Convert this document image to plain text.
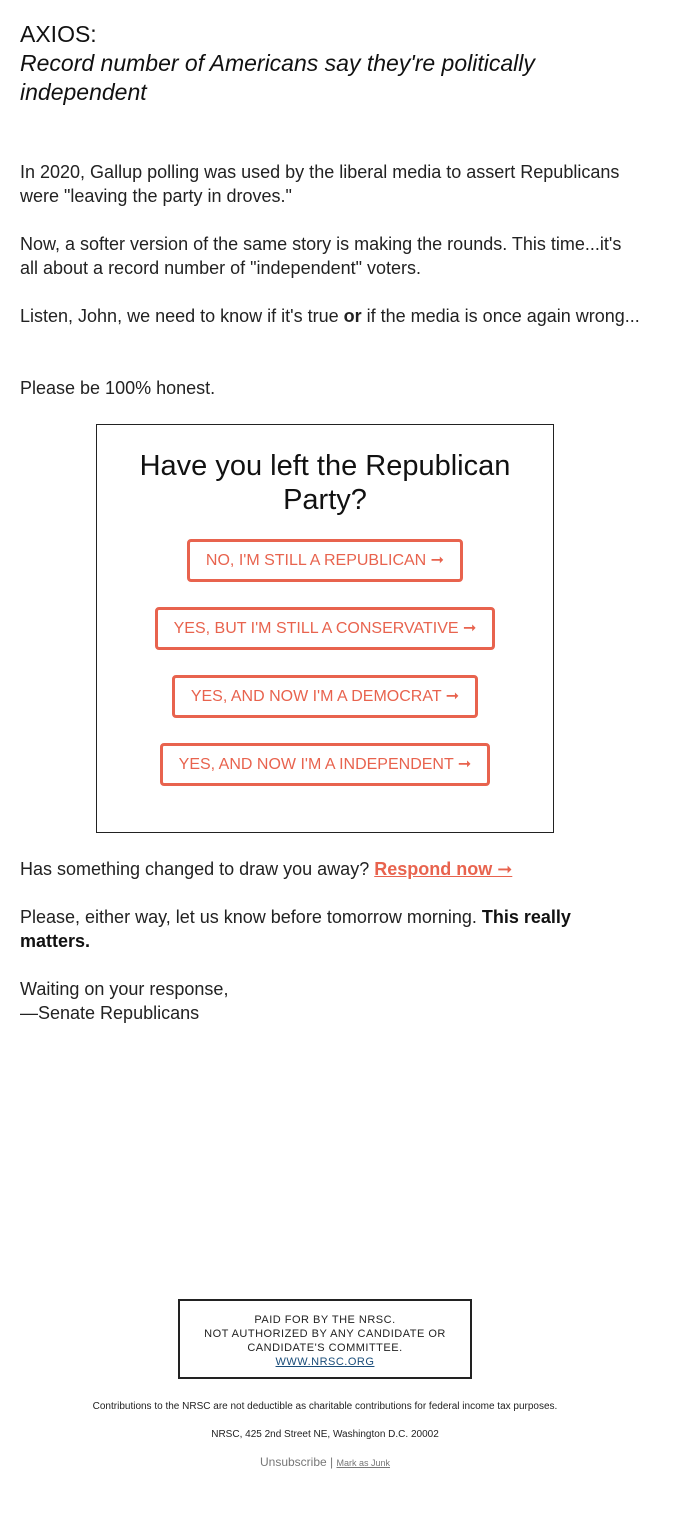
AXIOS:
Record number of Americans say they're politically independent

In 2020, Gallup polling was used by the liberal media to assert Republicans were "leaving the party in droves."

Now, a softer version of the same story is making the rounds. This time...it's all about a record number of "independent" voters.

Listen, John, we need to know if it's true or if the media is once again wrong...

Please be 100% honest.

Have you left the Republican Party?
NO, I'M STILL A REPUBLICAN ➞
YES, BUT I'M STILL A CONSERVATIVE ➞
YES, AND NOW I'M A DEMOCRAT ➞
YES, AND NOW I'M A INDEPENDENT ➞

Has something changed to draw you away? Respond now ➞

Please, either way, let us know before tomorrow morning. This really matters.

Waiting on your response,
—Senate Republicans

PAID FOR BY THE NRSC.
NOT AUTHORIZED BY ANY CANDIDATE OR
CANDIDATE'S COMMITTEE.
WWW.NRSC.ORG
Contributions to the NRSC are not deductible as charitable contributions for federal income tax purposes.
NRSC, 425 2nd Street NE, Washington D.C. 20002
Unsubscribe | Mark as Junk
